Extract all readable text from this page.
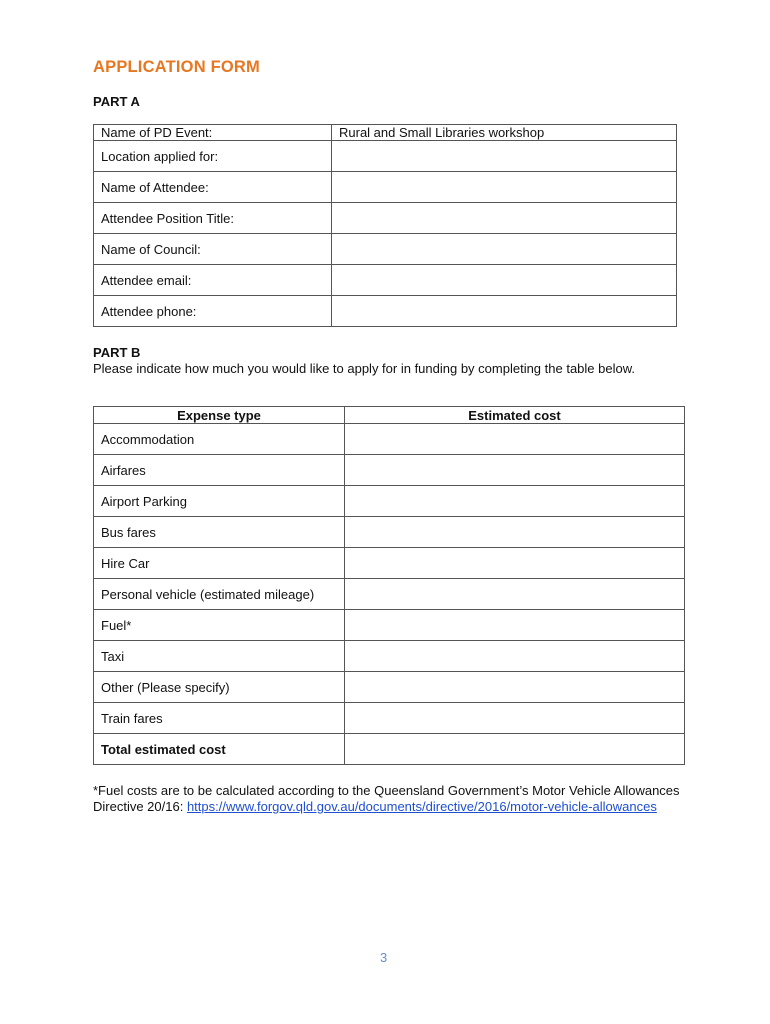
APPLICATION FORM
PART A
Name of PD Event:	Rural and Small Libraries workshop
Location applied for:	
Name of Attendee:	
Attendee Position Title:	
Name of Council:	
Attendee email:	
Attendee phone:	
PART B
Please indicate how much you would like to apply for in funding by completing the table below.
Expense type	Estimated cost
Accommodation	
Airfares	
Airport Parking	
Bus fares	
Hire Car	
Personal vehicle (estimated mileage)	
Fuel*	
Taxi	
Other (Please specify)	
Train fares	
Total estimated cost	
*Fuel costs are to be calculated according to the Queensland Government’s Motor Vehicle Allowances Directive 20/16: https://www.forgov.qld.gov.au/documents/directive/2016/motor-vehicle-allowances
3
